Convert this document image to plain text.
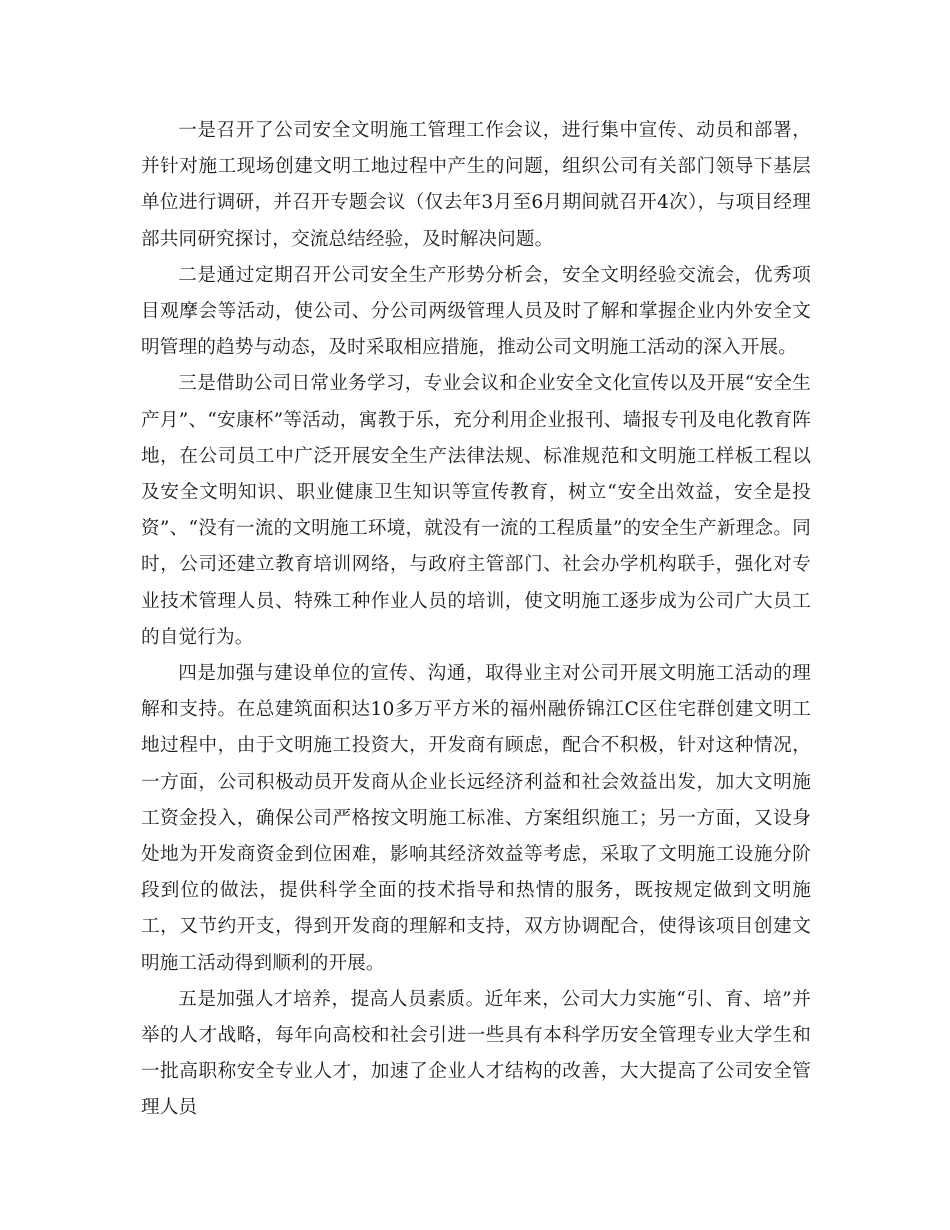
一是召开了公司安全文明施工管理工作会议，进行集中宣传、动员和部署，并针对施工现场创建文明工地过程中产生的问题，组织公司有关部门领导下基层单位进行调研，并召开专题会议（仅去年3月至6月期间就召开4次），与项目经理部共同研究探讨，交流总结经验，及时解决问题。

二是通过定期召开公司安全生产形势分析会，安全文明经验交流会，优秀项目观摩会等活动，使公司、分公司两级管理人员及时了解和掌握企业内外安全文明管理的趋势与动态，及时采取相应措施，推动公司文明施工活动的深入开展。

三是借助公司日常业务学习，专业会议和企业安全文化宣传以及开展“安全生产月”、“安康杯”等活动，寓教于乐，充分利用企业报刊、墙报专刊及电化教育阵地，在公司员工中广泛开展安全生产法律法规、标准规范和文明施工样板工程以及安全文明知识、职业健康卫生知识等宣传教育，树立“安全出效益，安全是投资”、“没有一流的文明施工环境，就没有一流的工程质量”的安全生产新理念。同时，公司还建立教育培训网络，与政府主管部门、社会办学机构联手，强化对专业技术管理人员、特殊工种作业人员的培训，使文明施工逐步成为公司广大员工的自觉行为。

四是加强与建设单位的宣传、沟通，取得业主对公司开展文明施工活动的理解和支持。在总建筑面积达10多万平方米的福州融侨锦江C区住宅群创建文明工地过程中，由于文明施工投资大，开发商有顾虑，配合不积极，针对这种情况，一方面，公司积极动员开发商从企业长远经济利益和社会效益出发，加大文明施工资金投入，确保公司严格按文明施工标准、方案组织施工；另一方面，又设身处地为开发商资金到位困难，影响其经济效益等考虑，采取了文明施工设施分阶段到位的做法，提供科学全面的技术指导和热情的服务，既按规定做到文明施工，又节约开支，得到开发商的理解和支持，双方协调配合，使得该项目创建文明施工活动得到顺利的开展。

五是加强人才培养，提高人员素质。近年来，公司大力实施“引、育、培”并举的人才战略，每年向高校和社会引进一些具有本科学历安全管理专业大学生和一批高职称安全专业人才，加速了企业人才结构的改善，大大提高了公司安全管理人员
